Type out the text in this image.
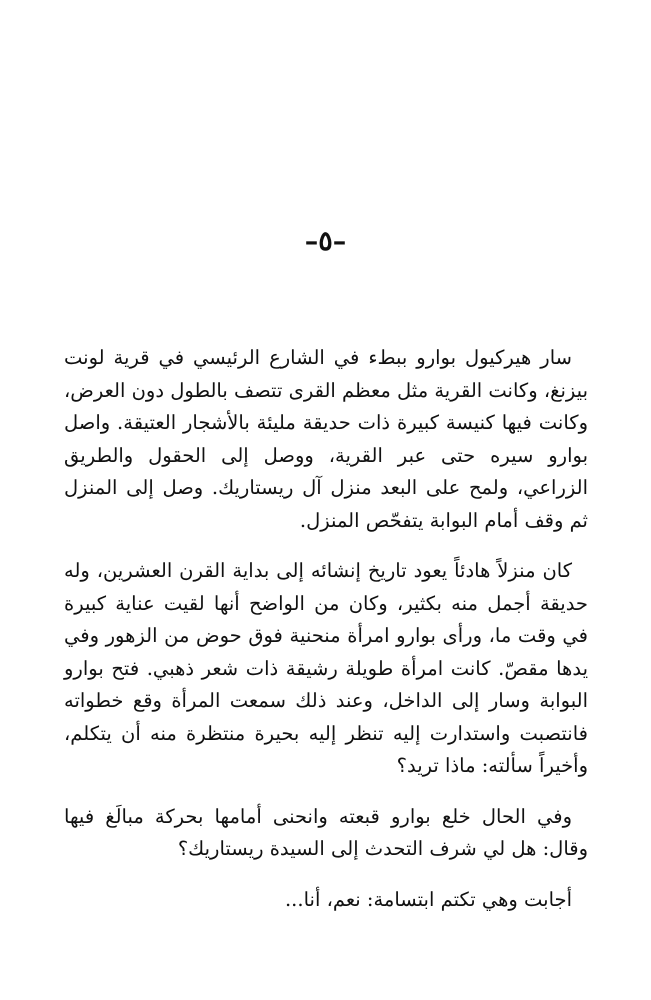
–٥–

سار هيركيول بوارو ببطء في الشارع الرئيسي في قرية لونت بيزنغ، وكانت القرية مثل معظم القرى تتصف بالطول دون العرض، وكانت فيها كنيسة كبيرة ذات حديقة مليئة بالأشجار العتيقة. واصل بوارو سيره حتى عبر القرية، ووصل إلى الحقول والطريق الزراعي، ولمح على البعد منزل آل ريستاريك. وصل إلى المنزل ثم وقف أمام البوابة يتفحّص المنزل.

كان منزلاً هادئاً يعود تاريخ إنشائه إلى بداية القرن العشرين، وله حديقة أجمل منه بكثير، وكان من الواضح أنها لقيت عناية كبيرة في وقت ما، ورأى بوارو امرأة منحنية فوق حوض من الزهور وفي يدها مقصّ. كانت امرأة طويلة رشيقة ذات شعر ذهبي. فتح بوارو البوابة وسار إلى الداخل، وعند ذلك سمعت المرأة وقع خطواته فانتصبت واستدارت إليه تنظر إليه بحيرة منتظرة منه أن يتكلم، وأخيراً سألته: ماذا تريد؟

وفي الحال خلع بوارو قبعته وانحنى أمامها بحركة مبالَغ فيها وقال: هل لي شرف التحدث إلى السيدة ريستاريك؟

أجابت وهي تكتم ابتسامة: نعم، أنا...
